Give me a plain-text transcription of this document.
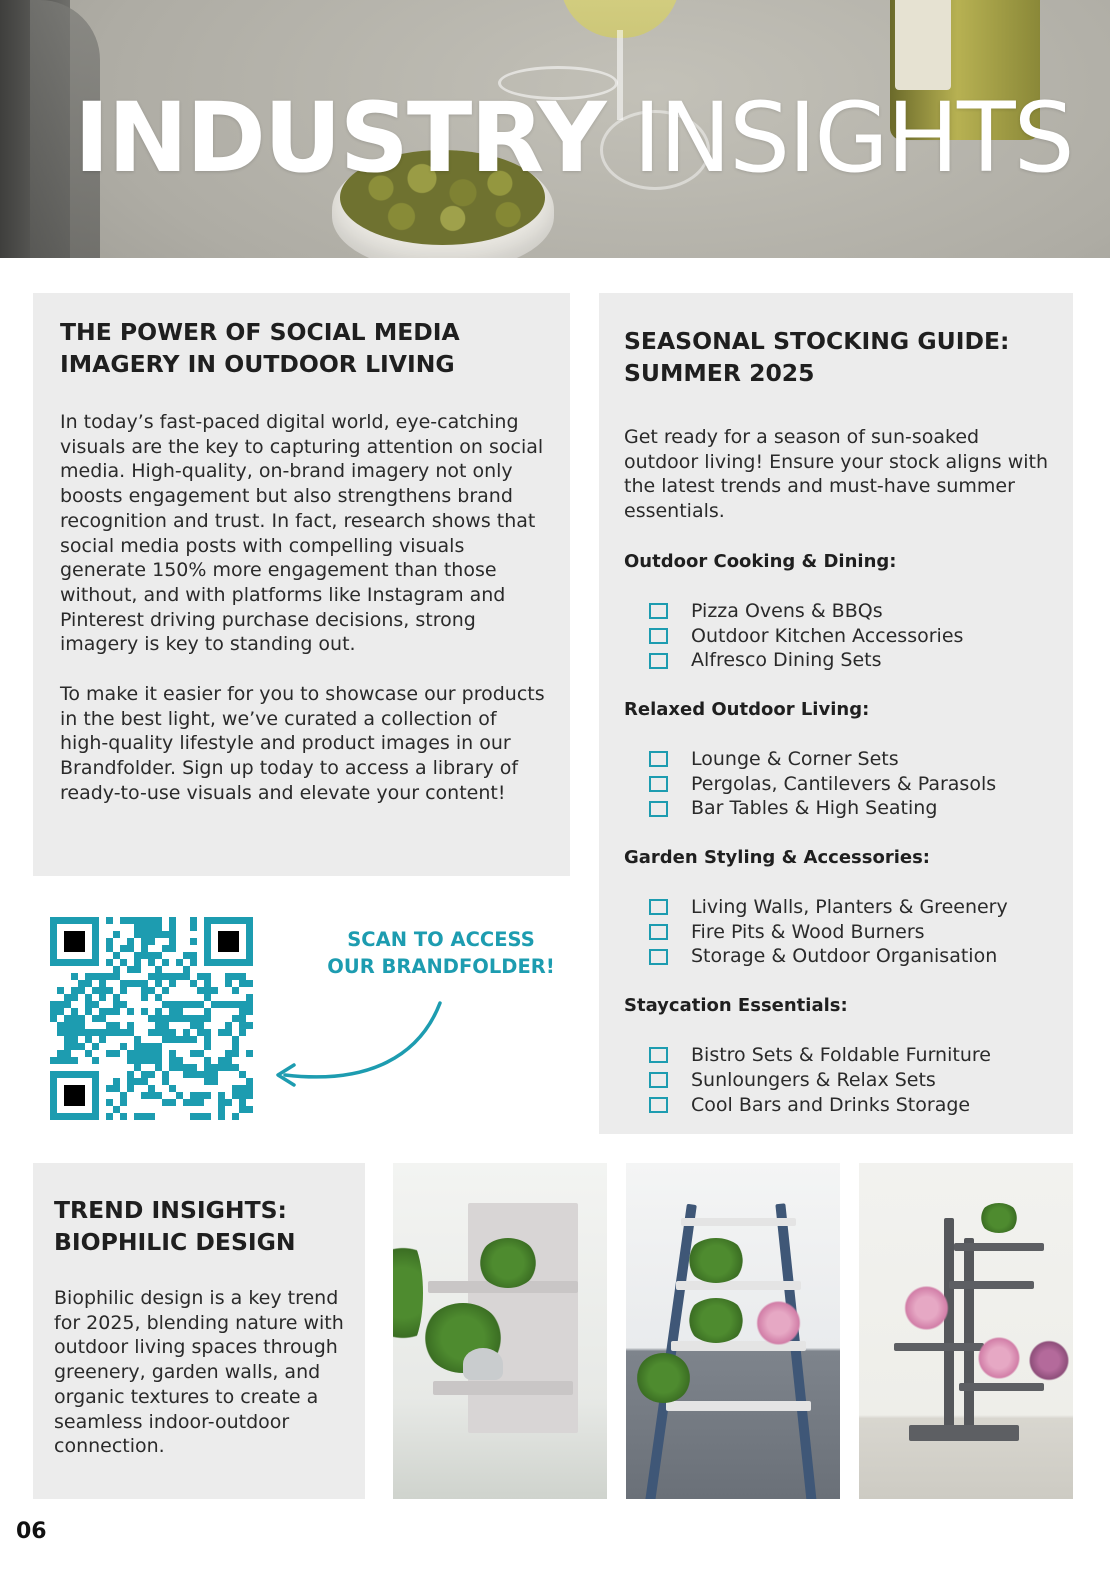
INDUSTRY INSIGHTS
THE POWER OF SOCIAL MEDIA IMAGERY IN OUTDOOR LIVING

In today’s fast-paced digital world, eye-catching visuals are the key to capturing attention on social media. High-quality, on-brand imagery not only boosts engagement but also strengthens brand recognition and trust. In fact, research shows that social media posts with compelling visuals generate 150% more engagement than those without, and with platforms like Instagram and Pinterest driving purchase decisions, strong imagery is key to standing out.

To make it easier for you to showcase our products in the best light, we’ve curated a collection of high-quality lifestyle and product images in our Brandfolder. Sign up today to access a library of ready-to-use visuals and elevate your content!

SCAN TO ACCESS
OUR BRANDFOLDER!
SEASONAL STOCKING GUIDE: SUMMER 2025

Get ready for a season of sun-soaked outdoor living! Ensure your stock aligns with the latest trends and must-have summer essentials.

Outdoor Cooking & Dining:
Pizza Ovens & BBQs
Outdoor Kitchen Accessories
Alfresco Dining Sets
Relaxed Outdoor Living:
Lounge & Corner Sets
Pergolas, Cantilevers & Parasols
Bar Tables & High Seating
Garden Styling & Accessories:
Living Walls, Planters & Greenery
Fire Pits & Wood Burners
Storage & Outdoor Organisation
Staycation Essentials:
Bistro Sets & Foldable Furniture
Sunloungers & Relax Sets
Cool Bars and Drinks Storage
TREND INSIGHTS:
BIOPHILIC DESIGN

Biophilic design is a key trend for 2025, blending nature with outdoor living spaces through greenery, garden walls, and organic textures to create a seamless indoor-outdoor connection.

06
